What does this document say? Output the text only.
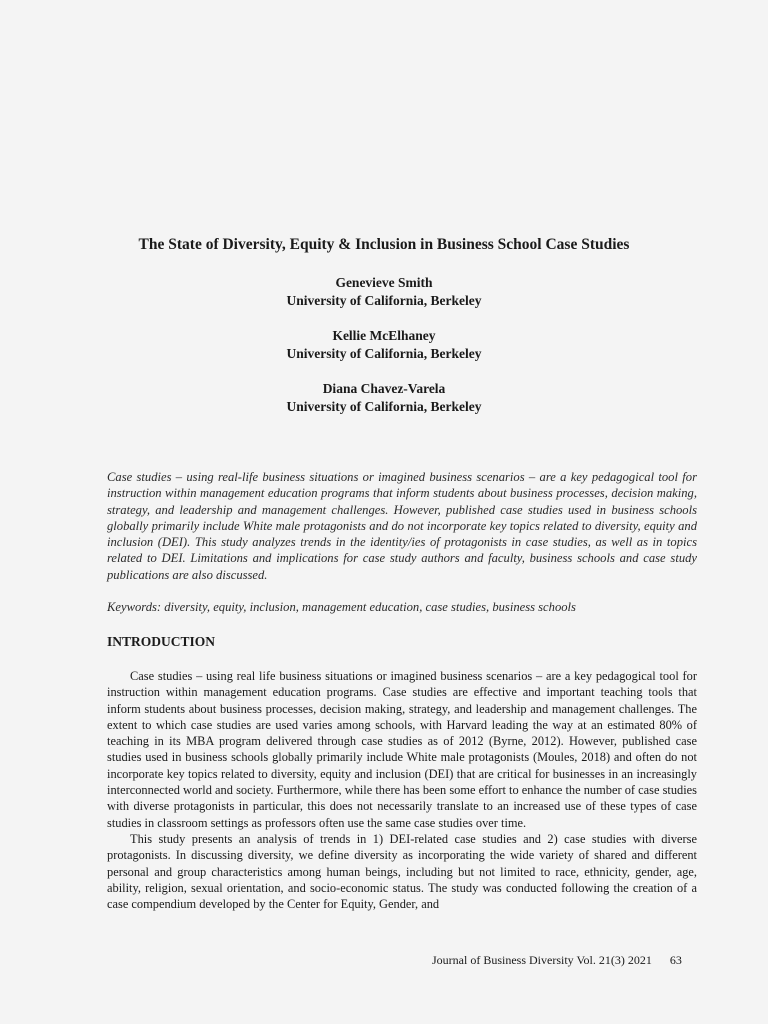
The State of Diversity, Equity & Inclusion in Business School Case Studies
Genevieve Smith
University of California, Berkeley
Kellie McElhaney
University of California, Berkeley
Diana Chavez-Varela
University of California, Berkeley
Case studies – using real-life business situations or imagined business scenarios – are a key pedagogical tool for instruction within management education programs that inform students about business processes, decision making, strategy, and leadership and management challenges. However, published case studies used in business schools globally primarily include White male protagonists and do not incorporate key topics related to diversity, equity and inclusion (DEI). This study analyzes trends in the identity/ies of protagonists in case studies, as well as in topics related to DEI. Limitations and implications for case study authors and faculty, business schools and case study publications are also discussed.
Keywords: diversity, equity, inclusion, management education, case studies, business schools
INTRODUCTION

Case studies – using real life business situations or imagined business scenarios – are a key pedagogical tool for instruction within management education programs. Case studies are effective and important teaching tools that inform students about business processes, decision making, strategy, and leadership and management challenges. The extent to which case studies are used varies among schools, with Harvard leading the way at an estimated 80% of teaching in its MBA program delivered through case studies as of 2012 (Byrne, 2012). However, published case studies used in business schools globally primarily include White male protagonists (Moules, 2018) and often do not incorporate key topics related to diversity, equity and inclusion (DEI) that are critical for businesses in an increasingly interconnected world and society. Furthermore, while there has been some effort to enhance the number of case studies with diverse protagonists in particular, this does not necessarily translate to an increased use of these types of case studies in classroom settings as professors often use the same case studies over time.

This study presents an analysis of trends in 1) DEI-related case studies and 2) case studies with diverse protagonists. In discussing diversity, we define diversity as incorporating the wide variety of shared and different personal and group characteristics among human beings, including but not limited to race, ethnicity, gender, age, ability, religion, sexual orientation, and socio-economic status. The study was conducted following the creation of a case compendium developed by the Center for Equity, Gender, and

Journal of Business Diversity Vol. 21(3) 2021 63
